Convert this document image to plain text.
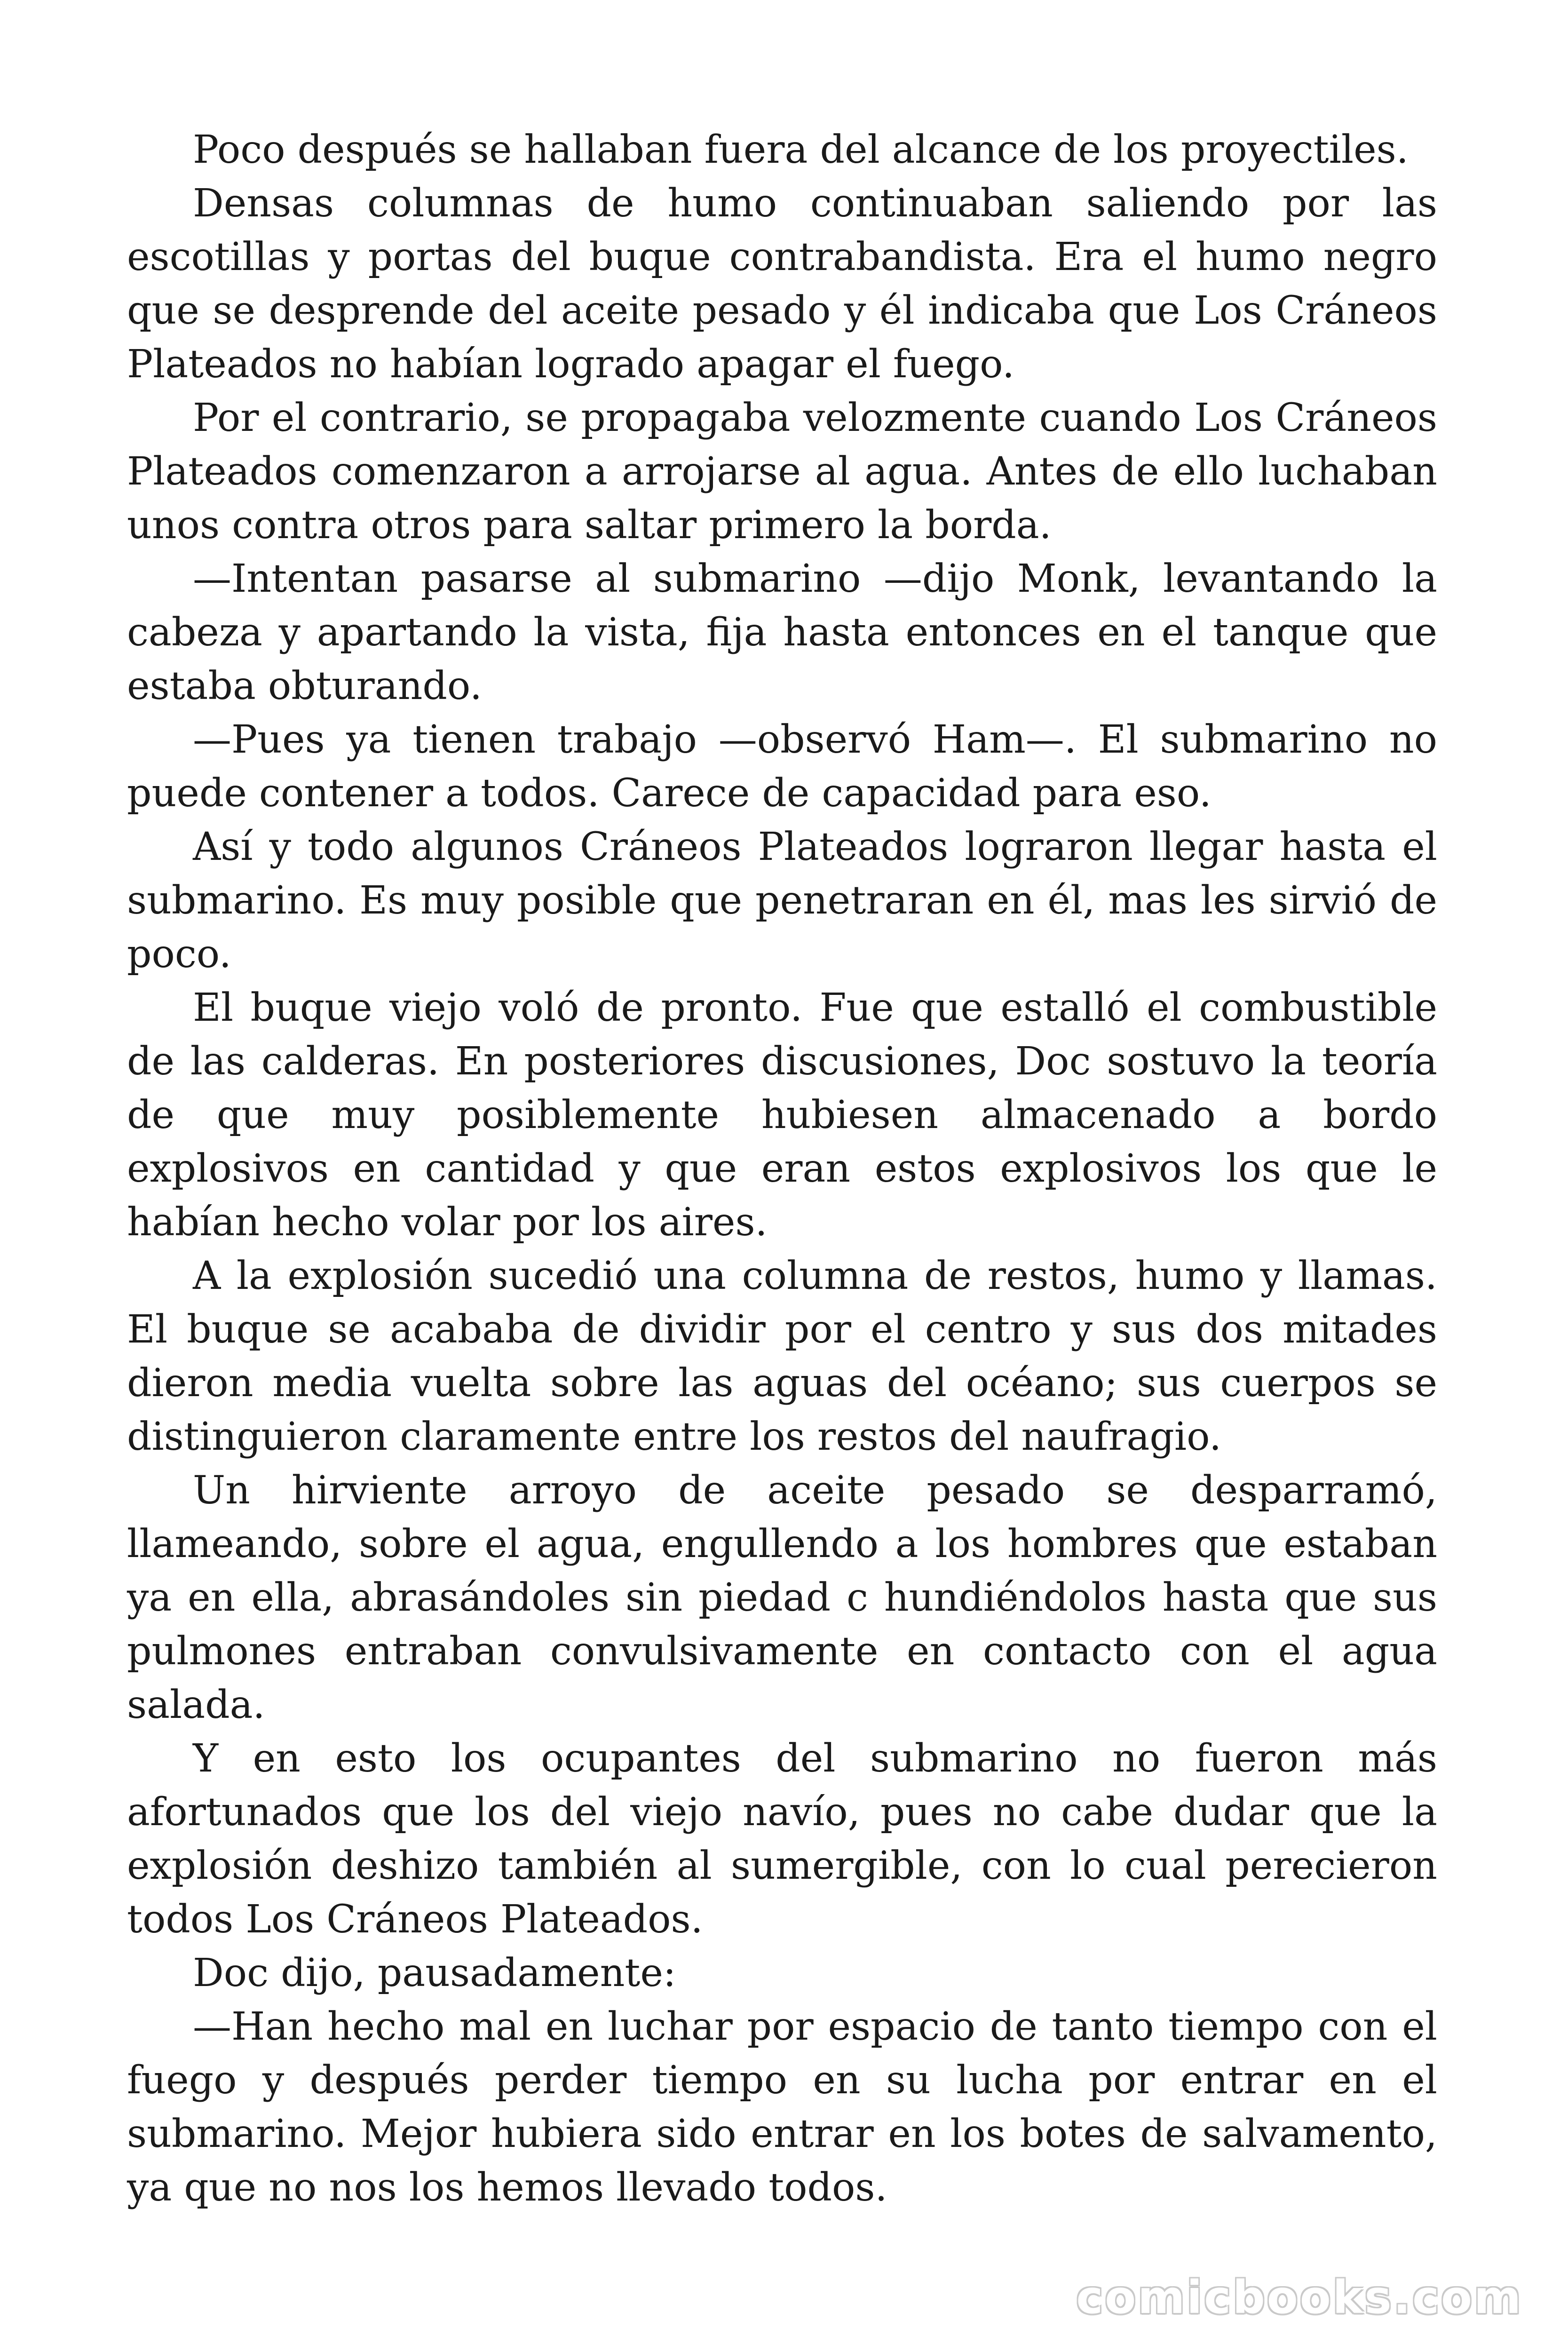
Poco después se hallaban fuera del alcance de los proyectiles.

Densas columnas de humo continuaban saliendo por las escotillas y portas del buque contrabandista. Era el humo negro que se desprende del aceite pesado y él indicaba que Los Cráneos Plateados no habían logrado apagar el fuego.

Por el contrario, se propagaba velozmente cuando Los Cráneos Plateados comenzaron a arrojarse al agua. Antes de ello luchaban unos contra otros para saltar primero la borda.

—Intentan pasarse al submarino —dijo Monk, levantando la cabeza y apartando la vista, fija hasta entonces en el tanque que estaba obturando.

—Pues ya tienen trabajo —observó Ham—. El submarino no puede contener a todos. Carece de capacidad para eso.

Así y todo algunos Cráneos Plateados lograron llegar hasta el submarino. Es muy posible que penetraran en él, mas les sirvió de poco.

El buque viejo voló de pronto. Fue que estalló el combustible de las calderas. En posteriores discusiones, Doc sostuvo la teoría de que muy posiblemente hubiesen almacenado a bordo explosivos en cantidad y que eran estos explosivos los que le habían hecho volar por los aires.

A la explosión sucedió una columna de restos, humo y llamas. El buque se acababa de dividir por el centro y sus dos mitades dieron media vuelta sobre las aguas del océano; sus cuerpos se distinguieron claramente entre los restos del naufragio.

Un hirviente arroyo de aceite pesado se desparramó, llameando, sobre el agua, engullendo a los hombres que estaban ya en ella, abrasándoles sin piedad c hundiéndolos hasta que sus pulmones entraban convulsivamente en contacto con el agua salada.

Y en esto los ocupantes del submarino no fueron más afortunados que los del viejo navío, pues no cabe dudar que la explosión deshizo también al sumergible, con lo cual perecieron todos Los Cráneos Plateados.

Doc dijo, pausadamente:

—Han hecho mal en luchar por espacio de tanto tiempo con el fuego y después perder tiempo en su lucha por entrar en el submarino. Mejor hubiera sido entrar en los botes de salvamento, ya que no nos los hemos llevado todos.

comicbooks.com
